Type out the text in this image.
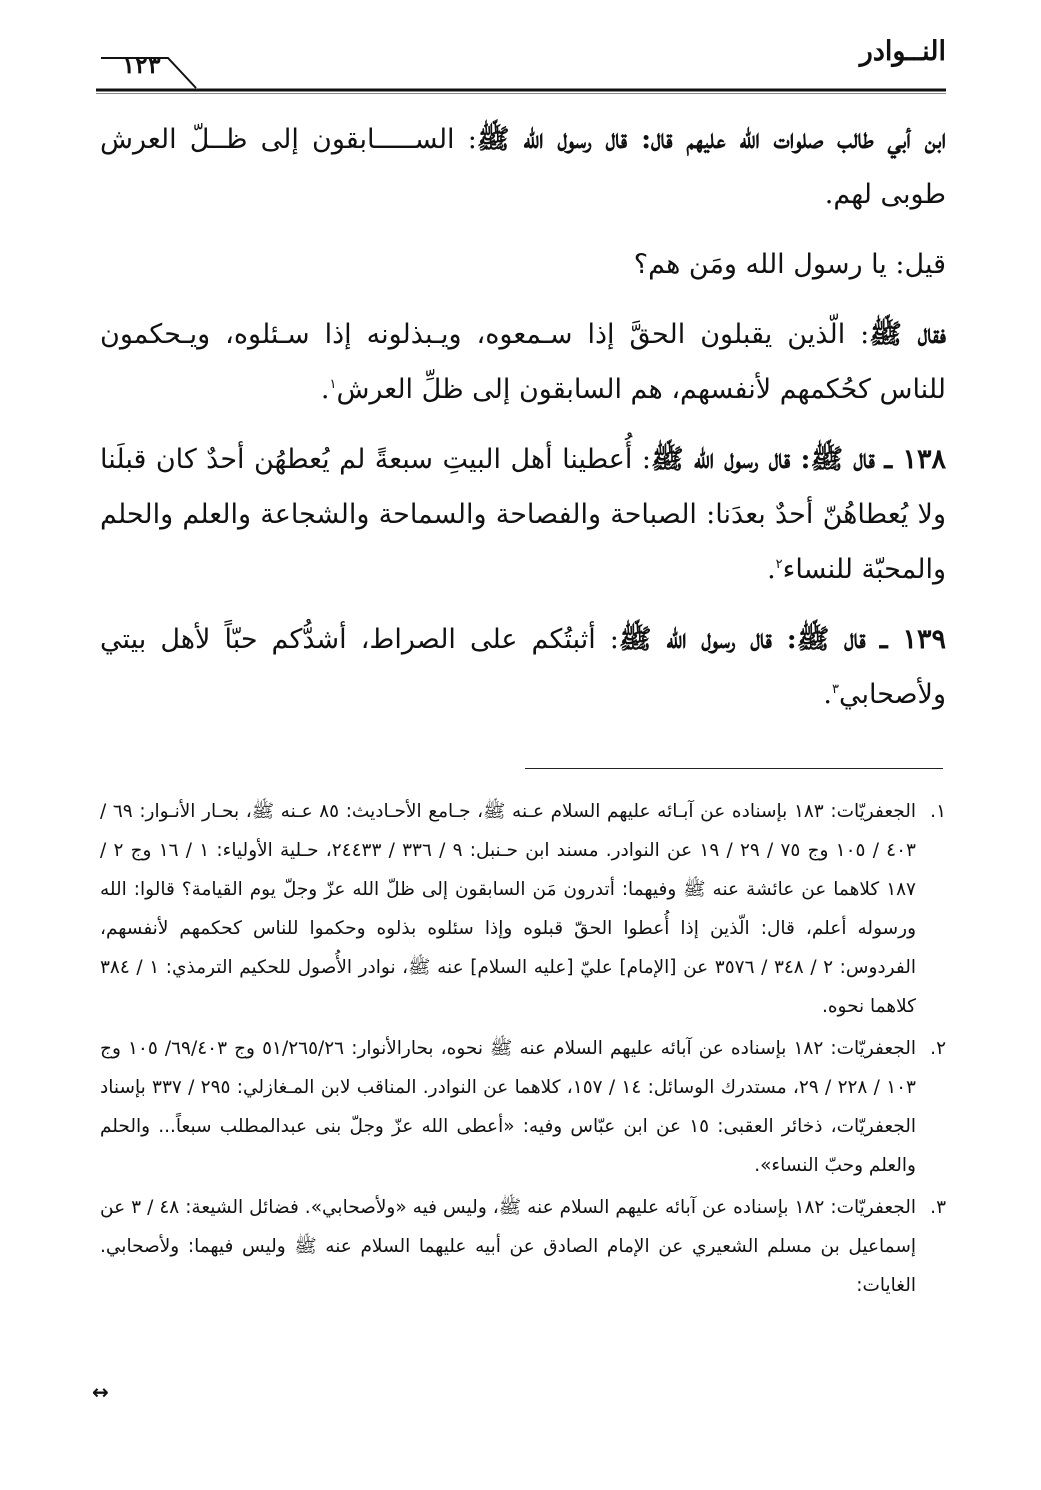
النــوادر
١٢٣

ابن أبي طالب صلوات الله عليهم قال: قال رسول الله ﷺ: الســـــابقون إلى ظــلّ العرش طوبى لهم.

قيل: يا رسول الله ومَن هم؟

فقال ﷺ: الّذين يقبلون الحقَّ إذا سـمعوه، ويـبذلونه إذا سـئلوه، ويـحكمون للناس كحُكمهم لأنفسهم، هم السابقون إلى ظلِّ العرش$^١$.

١٣٨ ـ قال ﷺ: قال رسول الله ﷺ: أُعطينا أهل البيتِ سبعةً لم يُعطهُن أحدٌ كان قبلَنا ولا يُعطاهُنّ أحدٌ بعدَنا: الصباحة والفصاحة والسماحة والشجاعة والعلم والحلم والمحبّة للنساء$^٢$.

١٣٩ ـ قال ﷺ: قال رسول الله ﷺ: أثبتُكم على الصراط، أشدُّكم حبّاً لأهل بيتي ولأصحابي$^٣$.

١.
الجعفريّات: ١٨٣ بإسناده عن آبـائه عليهم السلام عـنه ﷺ، جـامع الأحـاديث: ٨٥ عـنه ﷺ، بحـار الأنـوار: ٦٩ / ٤٠٣ / ١٠٥ وج ٧٥ / ٢٩ / ١٩ عن النوادر. مسند ابن حـنبل: ٩ / ٣٣٦ / ٢٤٤٣٣، حـلية الأولياء: ١ / ١٦ وج ٢ / ١٨٧ كلاهما عن عائشة عنه ﷺ وفيهما: أتدرون مَن السابقون إلى ظلّ الله عزّ وجلّ يوم القيامة؟ قالوا: الله ورسوله أعلم، قال: الّذين إذا أُعطوا الحقّ قبلوه وإذا سئلوه بذلوه وحكموا للناس كحكمهم لأنفسهم، الفردوس: ٢ / ٣٤٨ / ٣٥٧٦ عن [الإمام] عليّ [عليه السلام] عنه ﷺ، نوادر الأُصول للحكيم الترمذي: ١ / ٣٨٤ كلاهما نحوه.
٢.
الجعفريّات: ١٨٢ بإسناده عن آبائه عليهم السلام عنه ﷺ نحوه، بحارالأنوار: ٥١/٢٦٥/٢٦ وج ٦٩/٤٠٣/ ١٠٥ وج ١٠٣ / ٢٢٨ / ٢٩، مستدرك الوسائل: ١٤ / ١٥٧، كلاهما عن النوادر. المناقب لابن المـغازلي: ٢٩٥ / ٣٣٧ بإسناد الجعفريّات، ذخائر العقبى: ١٥ عن ابن عبّاس وفيه: «أعطى الله عزّ وجلّ بنى عبدالمطلب سبعاً... والحلم والعلم وحبّ النساء».
٣.
الجعفريّات: ١٨٢ بإسناده عن آبائه عليهم السلام عنه ﷺ، وليس فيه «ولأصحابي». فضائل الشيعة: ٤٨ / ٣ عن إسماعيل بن مسلم الشعيري عن الإمام الصادق عن أبيه عليهما السلام عنه ﷺ وليس فيهما: ولأصحابي. الغايات:
↔
